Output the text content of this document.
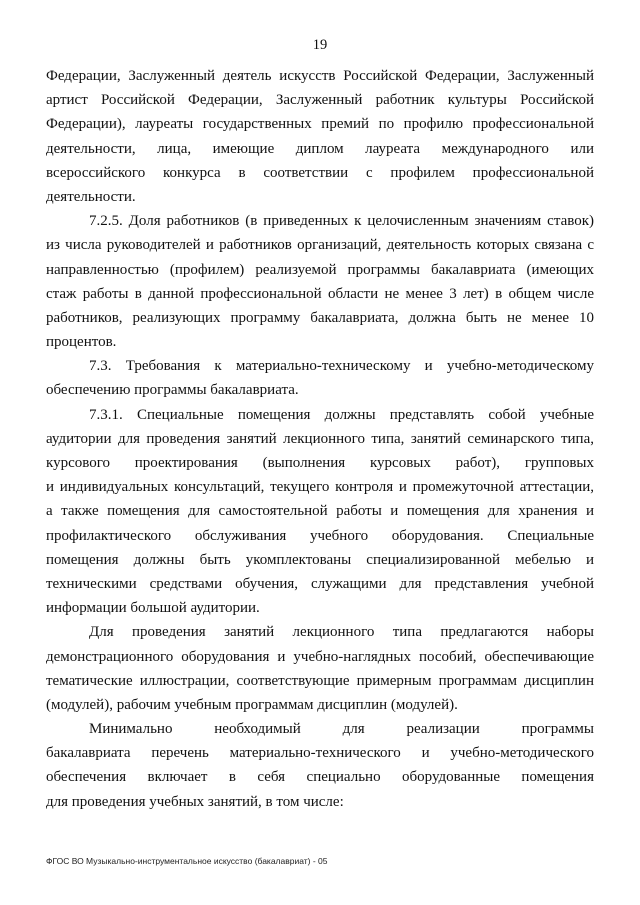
19
Федерации, Заслуженный деятель искусств Российской Федерации, Заслуженный
артист Российской Федерации, Заслуженный работник культуры Российской
Федерации), лауреаты государственных премий по профилю профессиональной
деятельности, лица, имеющие диплом лауреата международного или
всероссийского конкурса в соответствии с профилем профессиональной
деятельности.
7.2.5. Доля работников (в приведенных к целочисленным значениям ставок)
из числа руководителей и работников организаций, деятельность которых связана с
направленностью (профилем) реализуемой программы бакалавриата (имеющих
стаж работы в данной профессиональной области не менее 3 лет) в общем числе
работников, реализующих программу бакалавриата, должна быть не менее 10
процентов.
7.3. Требования к материально-техническому и учебно-методическому
обеспечению программы бакалавриата.
7.3.1. Специальные помещения должны представлять собой учебные
аудитории для проведения занятий лекционного типа, занятий семинарского типа,
курсового проектирования (выполнения курсовых работ), групповых
и индивидуальных консультаций, текущего контроля и промежуточной аттестации,
а также помещения для самостоятельной работы и помещения для хранения и
профилактического обслуживания учебного оборудования. Специальные
помещения должны быть укомплектованы специализированной мебелью и
техническими средствами обучения, служащими для представления учебной
информации большой аудитории.
Для проведения занятий лекционного типа предлагаются наборы
демонстрационного оборудования и учебно-наглядных пособий, обеспечивающие
тематические иллюстрации, соответствующие примерным программам дисциплин
(модулей), рабочим учебным программам дисциплин (модулей).
Минимально необходимый для реализации программы
бакалавриата перечень материально-технического и учебно-методического
обеспечения включает в себя специально оборудованные помещения
для проведения учебных занятий, в том числе:
ФГОС ВО Музыкально-инструментальное искусство (бакалавриат) - 05
